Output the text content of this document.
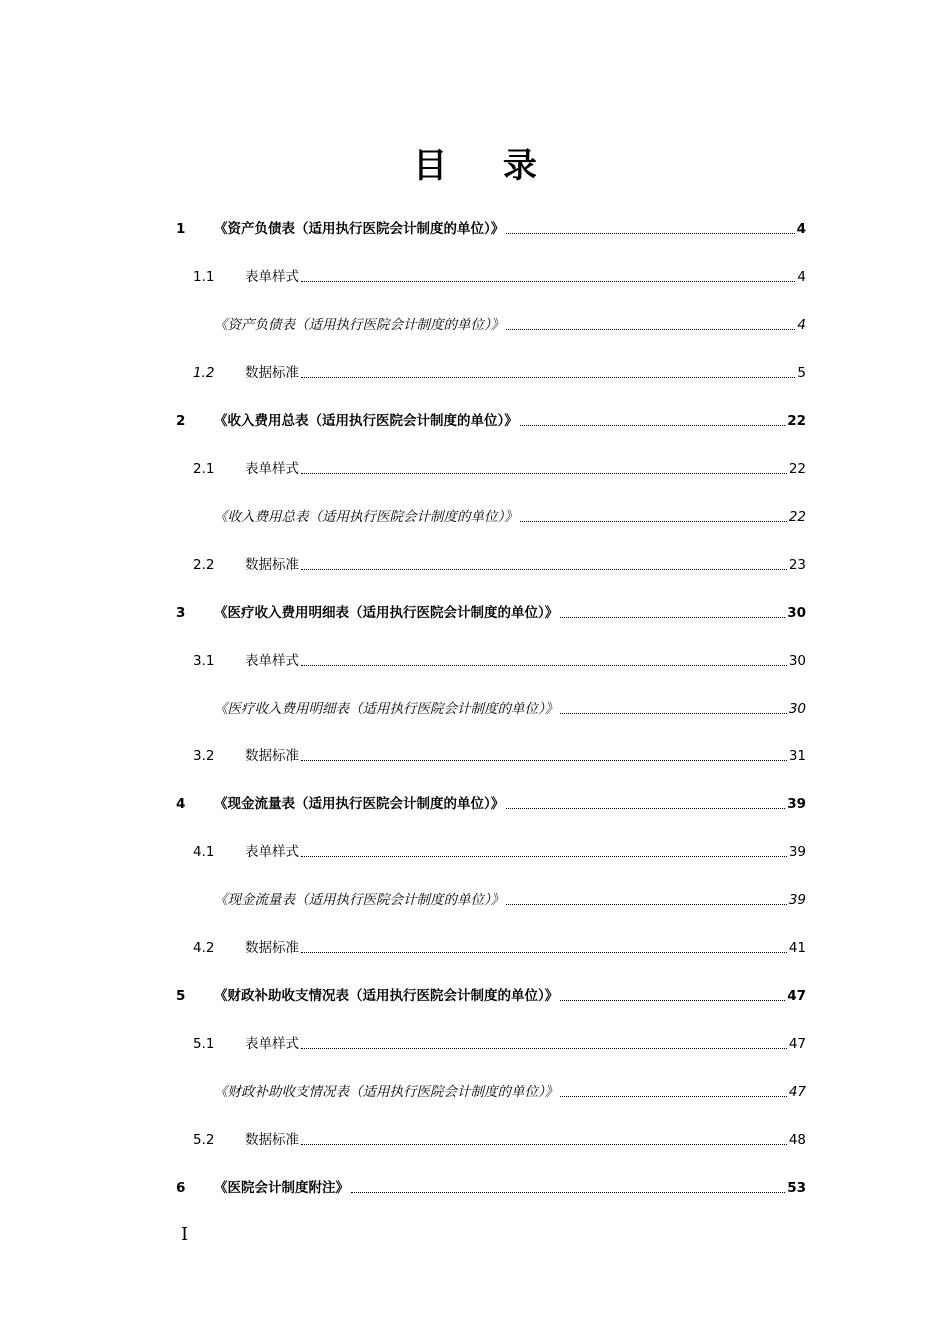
目 录
1 《资产负债表（适用执行医院会计制度的单位）》	4
1.1 表单样式	4
《资产负债表（适用执行医院会计制度的单位）》	4
1.2 数据标准	5
2 《收入费用总表（适用执行医院会计制度的单位）》	22
2.1 表单样式	22
《收入费用总表（适用执行医院会计制度的单位）》	22
2.2 数据标准	23
3 《医疗收入费用明细表（适用执行医院会计制度的单位）》	30
3.1 表单样式	30
《医疗收入费用明细表（适用执行医院会计制度的单位）》	30
3.2 数据标准	31
4 《现金流量表（适用执行医院会计制度的单位）》	39
4.1 表单样式	39
《现金流量表（适用执行医院会计制度的单位）》	39
4.2 数据标准	41
5 《财政补助收支情况表（适用执行医院会计制度的单位）》	47
5.1 表单样式	47
《财政补助收支情况表（适用执行医院会计制度的单位）》	47
5.2 数据标准	48
6 《医院会计制度附注》	53
I
